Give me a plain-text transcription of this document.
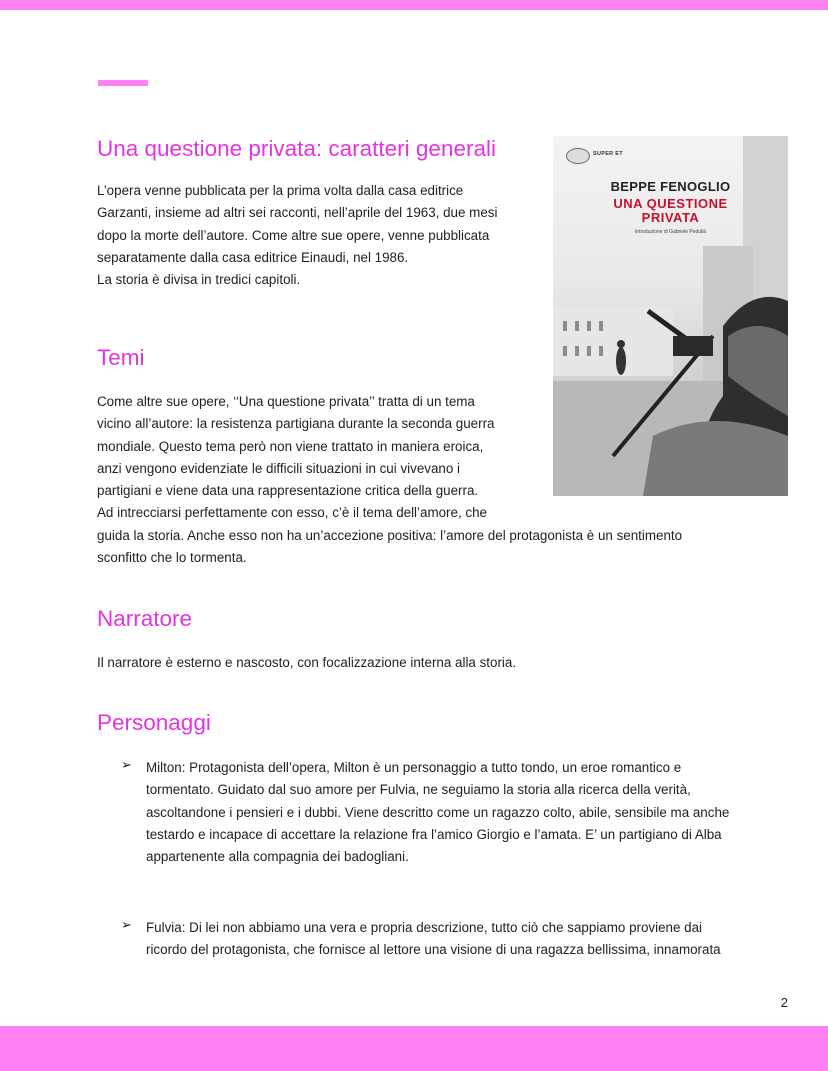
Una questione privata: caratteri generali

L’opera venne pubblicata per la prima volta dalla casa editrice
Garzanti, insieme ad altri sei racconti, nell’aprile del 1963, due mesi
dopo la morte dell’autore. Come altre sue opere, venne pubblicata
separatamente dalla casa editrice Einaudi, nel 1986.
La storia è divisa in tredici capitoli.

SUPER ET
BEPPE FENOGLIO
UNA QUESTIONE
PRIVATA
Introduzione di Gabriele Pedullà
Temi

Come altre sue opere, ‘‘Una questione privata’’ tratta di un tema
vicino all’autore: la resistenza partigiana durante la seconda guerra
mondiale. Questo tema però non viene trattato in maniera eroica,
anzi vengono evidenziate le difficili situazioni in cui vivevano i
partigiani e viene data una rappresentazione critica della guerra.
Ad intrecciarsi perfettamente con esso, c’è il tema dell’amore, che
guida la storia. Anche esso non ha un’accezione positiva: l’amore del protagonista è un sentimento
sconfitto che lo tormenta.

Narratore

Il narratore è esterno e nascosto, con focalizzazione interna alla storia.

Personaggi
➢ Milton: Protagonista dell’opera, Milton è un personaggio a tutto tondo, un eroe romantico e
tormentato. Guidato dal suo amore per Fulvia, ne seguiamo la storia alla ricerca della verità,
ascoltandone i pensieri e i dubbi. Viene descritto come un ragazzo colto, abile, sensibile ma anche
testardo e incapace di accettare la relazione fra l’amico Giorgio e l’amata. E’ un partigiano di Alba
appartenente alla compagnia dei badogliani.

➢ Fulvia: Di lei non abbiamo una vera e propria descrizione, tutto ciò che sappiamo proviene dai
ricordo del protagonista, che fornisce al lettore una visione di una ragazza bellissima, innamorata

2
